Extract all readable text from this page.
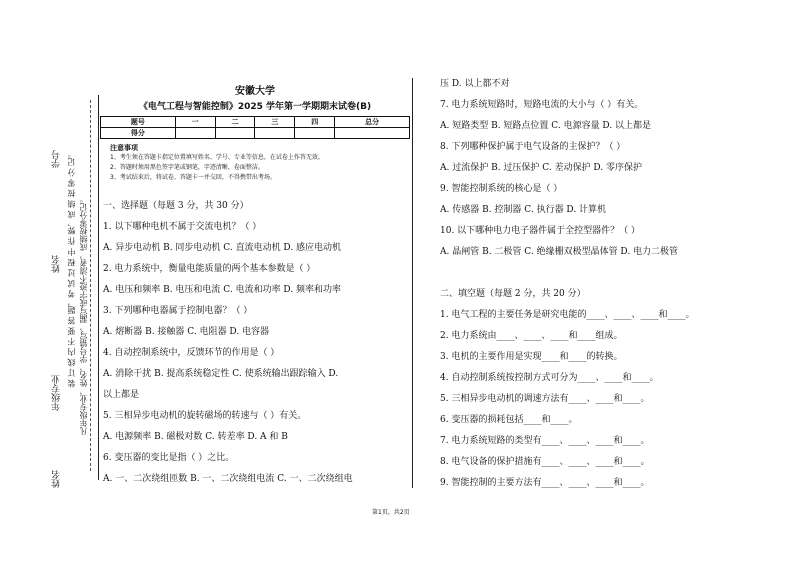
学号
姓名
年级专业
姓名
装 订 线 内 不 要 答 题，考 试 过 程 中 作 弊，成 绩 按 零 分 记。 凡年级专业、姓名、学号错写、漏写或字迹不清者，成绩按零分记。
安徽大学
《电气工程与智能控制》2025 学年第一学期期末试卷(B)
题号	一	二	三	四	总分
得分					
注意事项
1、考生须在答题卡指定位置填写姓名、学号、专业等信息，在试卷上作答无效。
2、答题时须用黑色签字笔或钢笔，字迹清晰，卷面整洁。
3、考试结束后，将试卷、答题卡一并交回，不得携带出考场。
一、选择题（每题 3 分，共 30 分）
1. 以下哪种电机不属于交流电机？（ ）
A. 异步电动机 B. 同步电动机 C. 直流电动机 D. 感应电动机
2. 电力系统中，衡量电能质量的两个基本参数是（ ）
A. 电压和频率 B. 电压和电流 C. 电流和功率 D. 频率和功率
3. 下列哪种电器属于控制电器？（ ）
A. 熔断器 B. 接触器 C. 电阻器 D. 电容器
4. 自动控制系统中，反馈环节的作用是（ ）
A. 消除干扰 B. 提高系统稳定性 C. 使系统输出跟踪输入 D.
以上都是
5. 三相异步电动机的旋转磁场的转速与（ ）有关。
A. 电源频率 B. 磁极对数 C. 转差率 D. A 和 B
6. 变压器的变比是指（ ）之比。
A. 一、二次绕组匝数 B. 一、二次绕组电流 C. 一、二次绕组电
压 D. 以上都不对
7. 电力系统短路时，短路电流的大小与（ ）有关。
A. 短路类型 B. 短路点位置 C. 电源容量 D. 以上都是
8. 下列哪种保护属于电气设备的主保护？（ ）
A. 过流保护 B. 过压保护 C. 差动保护 D. 零序保护
9. 智能控制系统的核心是（ ）
A. 传感器 B. 控制器 C. 执行器 D. 计算机
10. 以下哪种电力电子器件属于全控型器件？（ ）
A. 晶闸管 B. 二极管 C. 绝缘栅双极型晶体管 D. 电力二极管
二、填空题（每题 2 分，共 20 分）
1. 电气工程的主要任务是研究电能的____、____、____和____。
2. 电力系统由____、____、____和____组成。
3. 电机的主要作用是实现____和____的转换。
4. 自动控制系统按控制方式可分为____、____和____。
5. 三相异步电动机的调速方法有____、____和____。
6. 变压器的损耗包括____和____。
7. 电力系统短路的类型有____、____、____和____。
8. 电气设备的保护措施有____、____、____和____。
9. 智能控制的主要方法有____、____、____和____。
第1页，共2页
